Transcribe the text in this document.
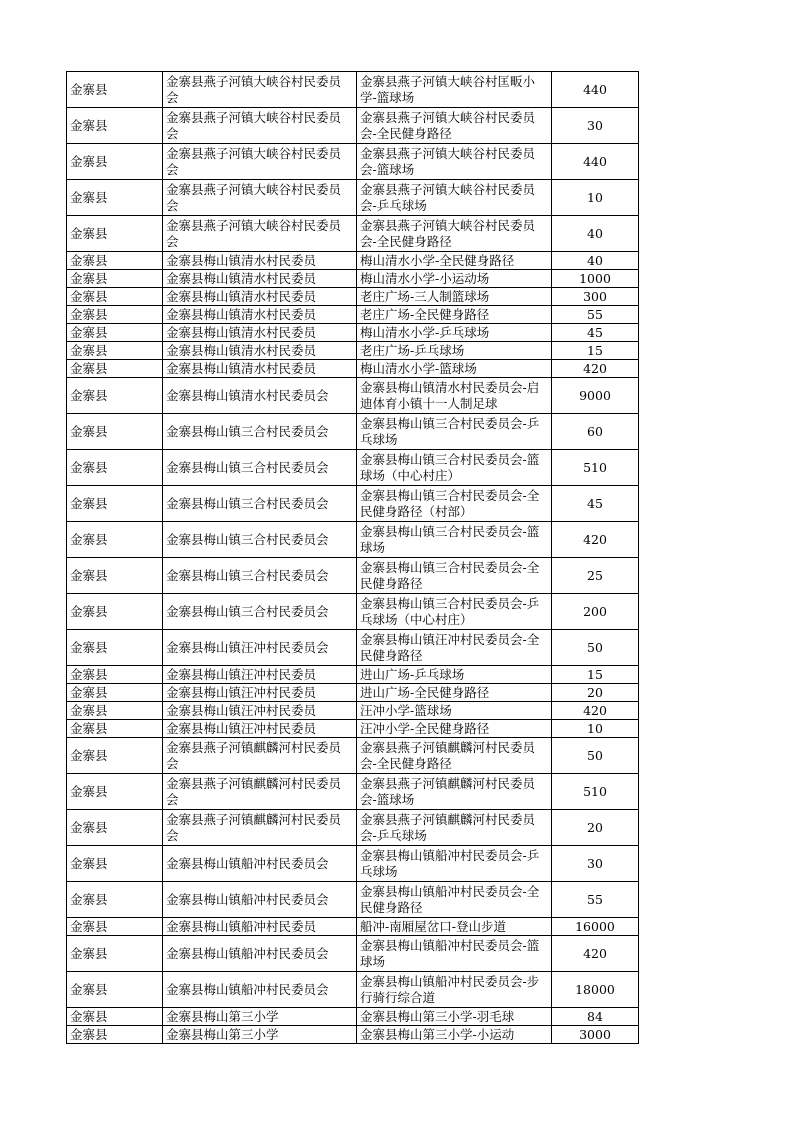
金寨县	金寨县燕子河镇大峡谷村民委员会	金寨县燕子河镇大峡谷村匡畈小学-篮球场	440
金寨县	金寨县燕子河镇大峡谷村民委员会	金寨县燕子河镇大峡谷村民委员会-全民健身路径	30
金寨县	金寨县燕子河镇大峡谷村民委员会	金寨县燕子河镇大峡谷村民委员会-篮球场	440
金寨县	金寨县燕子河镇大峡谷村民委员会	金寨县燕子河镇大峡谷村民委员会-乒乓球场	10
金寨县	金寨县燕子河镇大峡谷村民委员会	金寨县燕子河镇大峡谷村民委员会-全民健身路径	40
金寨县	金寨县梅山镇清水村民委员	梅山清水小学-全民健身路径	40
金寨县	金寨县梅山镇清水村民委员	梅山清水小学-小运动场	1000
金寨县	金寨县梅山镇清水村民委员	老庄广场-三人制篮球场	300
金寨县	金寨县梅山镇清水村民委员	老庄广场-全民健身路径	55
金寨县	金寨县梅山镇清水村民委员	梅山清水小学-乒乓球场	45
金寨县	金寨县梅山镇清水村民委员	老庄广场-乒乓球场	15
金寨县	金寨县梅山镇清水村民委员	梅山清水小学-篮球场	420
金寨县	金寨县梅山镇清水村民委员会	金寨县梅山镇清水村民委员会-启迪体育小镇十一人制足球	9000
金寨县	金寨县梅山镇三合村民委员会	金寨县梅山镇三合村民委员会-乒乓球场	60
金寨县	金寨县梅山镇三合村民委员会	金寨县梅山镇三合村民委员会-篮球场（中心村庄）	510
金寨县	金寨县梅山镇三合村民委员会	金寨县梅山镇三合村民委员会-全民健身路径（村部）	45
金寨县	金寨县梅山镇三合村民委员会	金寨县梅山镇三合村民委员会-篮球场	420
金寨县	金寨县梅山镇三合村民委员会	金寨县梅山镇三合村民委员会-全民健身路径	25
金寨县	金寨县梅山镇三合村民委员会	金寨县梅山镇三合村民委员会-乒乓球场（中心村庄）	200
金寨县	金寨县梅山镇汪冲村民委员会	金寨县梅山镇汪冲村民委员会-全民健身路径	50
金寨县	金寨县梅山镇汪冲村民委员	进山广场-乒乓球场	15
金寨县	金寨县梅山镇汪冲村民委员	进山广场-全民健身路径	20
金寨县	金寨县梅山镇汪冲村民委员	汪冲小学-篮球场	420
金寨县	金寨县梅山镇汪冲村民委员	汪冲小学-全民健身路径	10
金寨县	金寨县燕子河镇麒麟河村民委员会	金寨县燕子河镇麒麟河村民委员会-全民健身路径	50
金寨县	金寨县燕子河镇麒麟河村民委员会	金寨县燕子河镇麒麟河村民委员会-篮球场	510
金寨县	金寨县燕子河镇麒麟河村民委员会	金寨县燕子河镇麒麟河村民委员会-乒乓球场	20
金寨县	金寨县梅山镇船冲村民委员会	金寨县梅山镇船冲村民委员会-乒乓球场	30
金寨县	金寨县梅山镇船冲村民委员会	金寨县梅山镇船冲村民委员会-全民健身路径	55
金寨县	金寨县梅山镇船冲村民委员	船冲-南厢屋岔口-登山步道	16000
金寨县	金寨县梅山镇船冲村民委员会	金寨县梅山镇船冲村民委员会-篮球场	420
金寨县	金寨县梅山镇船冲村民委员会	金寨县梅山镇船冲村民委员会-步行骑行综合道	18000
金寨县	金寨县梅山第三小学	金寨县梅山第三小学-羽毛球	84
金寨县	金寨县梅山第三小学	金寨县梅山第三小学-小运动	3000
